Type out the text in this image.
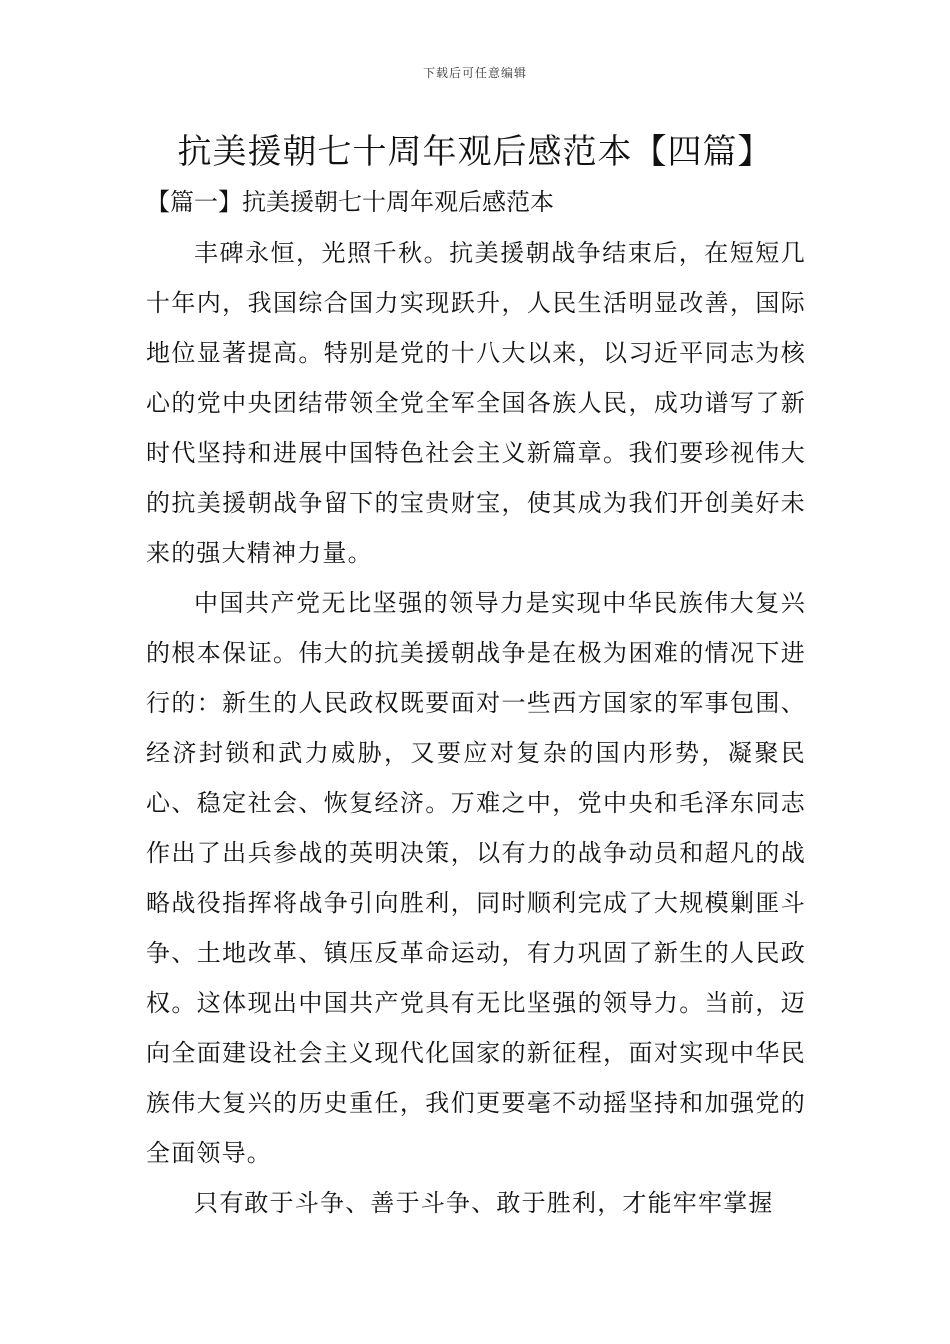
下载后可任意编辑
抗美援朝七十周年观后感范本【四篇】
【篇一】抗美援朝七十周年观后感范本

丰碑永恒，光照千秋。抗美援朝战争结束后，在短短几十年内，我国综合国力实现跃升，人民生活明显改善，国际地位显著提高。特别是党的十八大以来，以习近平同志为核心的党中央团结带领全党全军全国各族人民，成功谱写了新时代坚持和进展中国特色社会主义新篇章。我们要珍视伟大的抗美援朝战争留下的宝贵财宝，使其成为我们开创美好未来的强大精神力量。

中国共产党无比坚强的领导力是实现中华民族伟大复兴的根本保证。伟大的抗美援朝战争是在极为困难的情况下进行的：新生的人民政权既要面对一些西方国家的军事包围、经济封锁和武力威胁，又要应对复杂的国内形势，凝聚民心、稳定社会、恢复经济。万难之中，党中央和毛泽东同志作出了出兵参战的英明决策，以有力的战争动员和超凡的战略战役指挥将战争引向胜利，同时顺利完成了大规模剿匪斗争、土地改革、镇压反革命运动，有力巩固了新生的人民政权。这体现出中国共产党具有无比坚强的领导力。当前，迈向全面建设社会主义现代化国家的新征程，面对实现中华民族伟大复兴的历史重任，我们更要毫不动摇坚持和加强党的全面领导。

只有敢于斗争、善于斗争、敢于胜利，才能牢牢掌握
